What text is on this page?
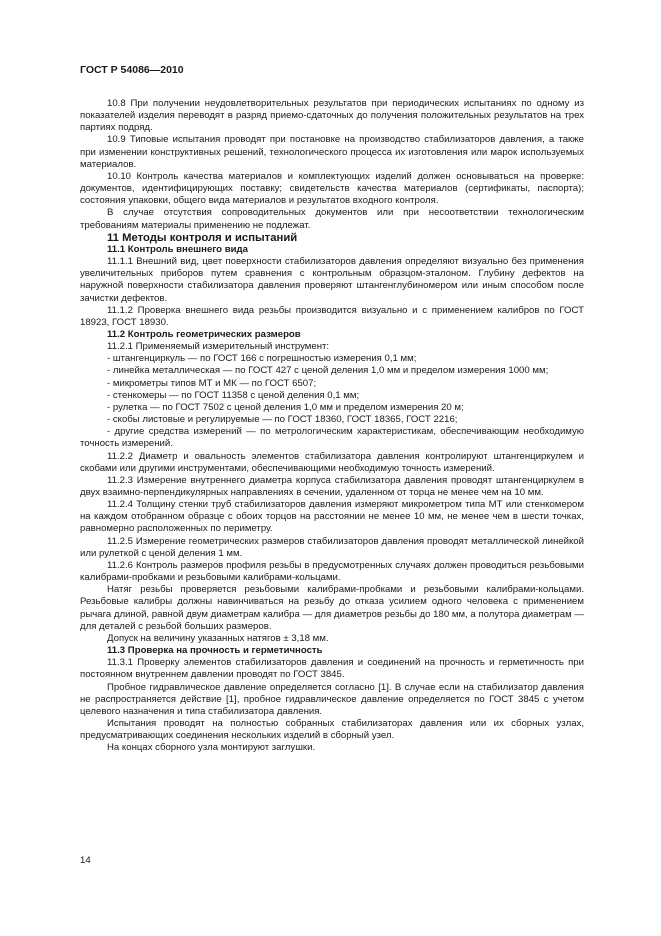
ГОСТ Р 54086—2010

10.8 При получении неудовлетворительных результатов при периодических испытаниях по одному из показателей изделия переводят в разряд приемо-сдаточных до получения положительных результатов на трех партиях подряд.

10.9 Типовые испытания проводят при постановке на производство стабилизаторов давления, а также при изменении конструктивных решений, технологического процесса их изготовления или марок используемых материалов.

10.10 Контроль качества материалов и комплектующих изделий должен основываться на проверке: документов, идентифицирующих поставку; свидетельств качества материалов (сертификаты, паспорта); состояния упаковки, общего вида материалов и результатов входного контроля.

В случае отсутствия сопроводительных документов или при несоответствии технологическим требованиям материалы применению не подлежат.

11 Методы контроля и испытаний

11.1 Контроль внешнего вида

11.1.1 Внешний вид, цвет поверхности стабилизаторов давления определяют визуально без применения увеличительных приборов путем сравнения с контрольным образцом-эталоном. Глубину дефектов на наружной поверхности стабилизатора давления проверяют штангенглубиномером или иным способом после зачистки дефектов.

11.1.2 Проверка внешнего вида резьбы производится визуально и с применением калибров по ГОСТ 18923, ГОСТ 18930.

11.2 Контроль геометрических размеров

11.2.1 Применяемый измерительный инструмент:

- штангенциркуль — по ГОСТ 166 с погрешностью измерения 0,1 мм;

- линейка металлическая — по ГОСТ 427 с ценой деления 1,0 мм и пределом измерения 1000 мм;

- микрометры типов МТ и МК — по ГОСТ 6507;

- стенкомеры — по ГОСТ 11358 с ценой деления 0,1 мм;

- рулетка — по ГОСТ 7502 с ценой деления 1,0 мм и пределом измерения 20 м;

- скобы листовые и регулируемые — по ГОСТ 18360, ГОСТ 18365, ГОСТ 2216;

- другие средства измерений — по метрологическим характеристикам, обеспечивающим необходимую точность измерений.

11.2.2 Диаметр и овальность элементов стабилизатора давления контролируют штангенциркулем и скобами или другими инструментами, обеспечивающими необходимую точность измерений.

11.2.3 Измерение внутреннего диаметра корпуса стабилизатора давления проводят штангенциркулем в двух взаимно-перпендикулярных направлениях в сечении, удаленном от торца не менее чем на 10 мм.

11.2.4 Толщину стенки труб стабилизаторов давления измеряют микрометром типа МТ или стенкомером на каждом отобранном образце с обоих торцов на расстоянии не менее 10 мм, не менее чем в шести точках, равномерно расположенных по периметру.

11.2.5 Измерение геометрических размеров стабилизаторов давления проводят металлической линейкой или рулеткой с ценой деления 1 мм.

11.2.6 Контроль размеров профиля резьбы в предусмотренных случаях должен проводиться резьбовыми калибрами-пробками и резьбовыми калибрами-кольцами.

Натяг резьбы проверяется резьбовыми калибрами-пробками и резьбовыми калибрами-кольцами. Резьбовые калибры должны навинчиваться на резьбу до отказа усилием одного человека с применением рычага длиной, равной двум диаметрам калибра — для диаметров резьбы до 180 мм, а полутора диаметрам — для деталей с резьбой больших размеров.

Допуск на величину указанных натягов ± 3,18 мм.

11.3 Проверка на прочность и герметичность

11.3.1 Проверку элементов стабилизаторов давления и соединений на прочность и герметичность при постоянном внутреннем давлении проводят по ГОСТ 3845.

Пробное гидравлическое давление определяется согласно [1]. В случае если на стабилизатор давления не распространяется действие [1], пробное гидравлическое давление определяется по ГОСТ 3845 с учетом целевого назначения и типа стабилизатора давления.

Испытания проводят на полностью собранных стабилизаторах давления или их сборных узлах, предусматривающих соединения нескольких изделий в сборный узел.

На концах сборного узла монтируют заглушки.

14
